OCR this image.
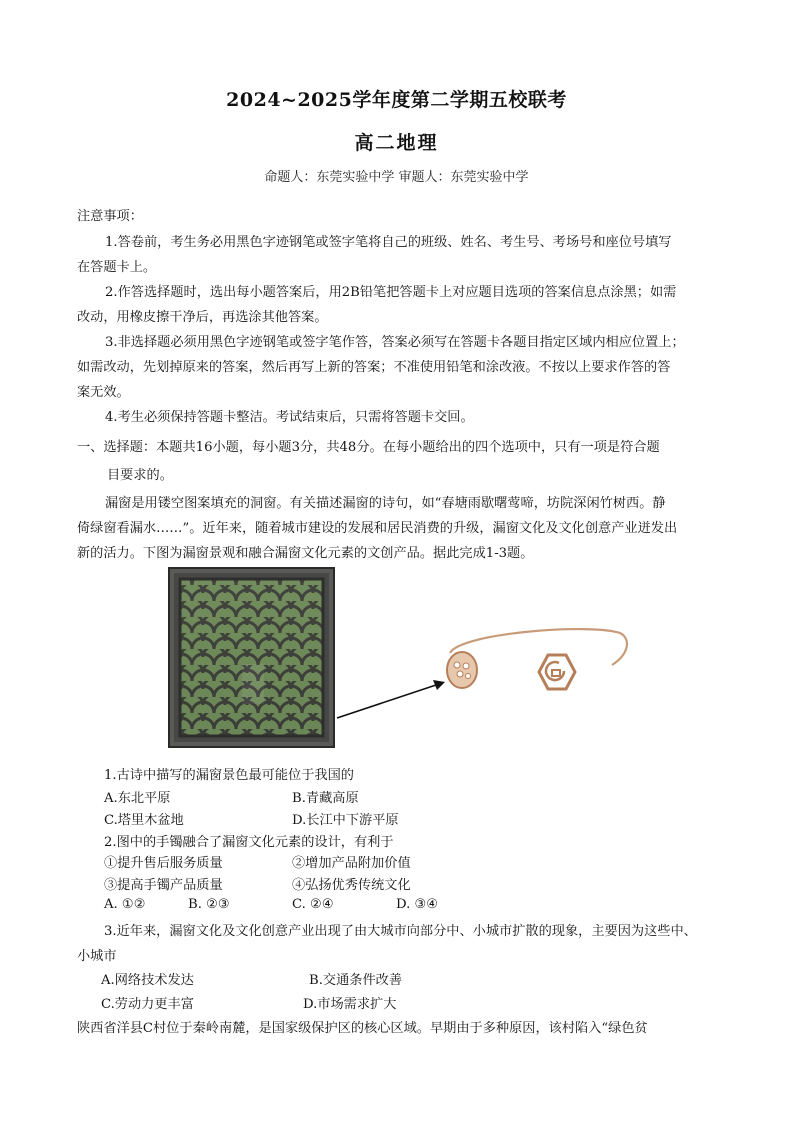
2024~2025学年度第二学期五校联考
高二地理
命题人：东莞实验中学 审题人：东莞实验中学
注意事项：
1.答卷前，考生务必用黑色字迹钢笔或签字笔将自己的班级、姓名、考生号、考场号和座位号填写
在答题卡上。
2.作答选择题时，选出每小题答案后，用2B铅笔把答题卡上对应题目选项的答案信息点涂黑；如需
改动，用橡皮擦干净后，再选涂其他答案。
3.非选择题必须用黑色字迹钢笔或签字笔作答，答案必须写在答题卡各题目指定区域内相应位置上；
如需改动，先划掉原来的答案，然后再写上新的答案；不准使用铅笔和涂改液。不按以上要求作答的答
案无效。
4.考生必须保持答题卡整洁。考试结束后，只需将答题卡交回。
一、选择题：本题共16小题，每小题3分，共48分。在每小题给出的四个选项中，只有一项是符合题
目要求的。
漏窗是用镂空图案填充的洞窗。有关描述漏窗的诗句，如“春塘雨歇曙莺啼，坊院深闲竹树西。静
倚绿窗看漏水……”。近年来，随着城市建设的发展和居民消费的升级，漏窗文化及文化创意产业迸发出
新的活力。下图为漏窗景观和融合漏窗文化元素的文创产品。据此完成1-3题。
1.古诗中描写的漏窗景色最可能位于我国的
A.东北平原	B.青藏高原
C.塔里木盆地	D.长江中下游平原
2.图中的手镯融合了漏窗文化元素的设计，有利于
①提升售后服务质量	②增加产品附加价值
③提高手镯产品质量	④弘扬优秀传统文化
A. ①②	B. ②③	C. ②④	D. ③④
3.近年来，漏窗文化及文化创意产业出现了由大城市向部分中、小城市扩散的现象，主要因为这些中、
小城市
A.网络技术发达	B.交通条件改善
C.劳动力更丰富	D.市场需求扩大
陕西省洋县C村位于秦岭南麓，是国家级保护区的核心区域。早期由于多种原因，该村陷入“绿色贫
